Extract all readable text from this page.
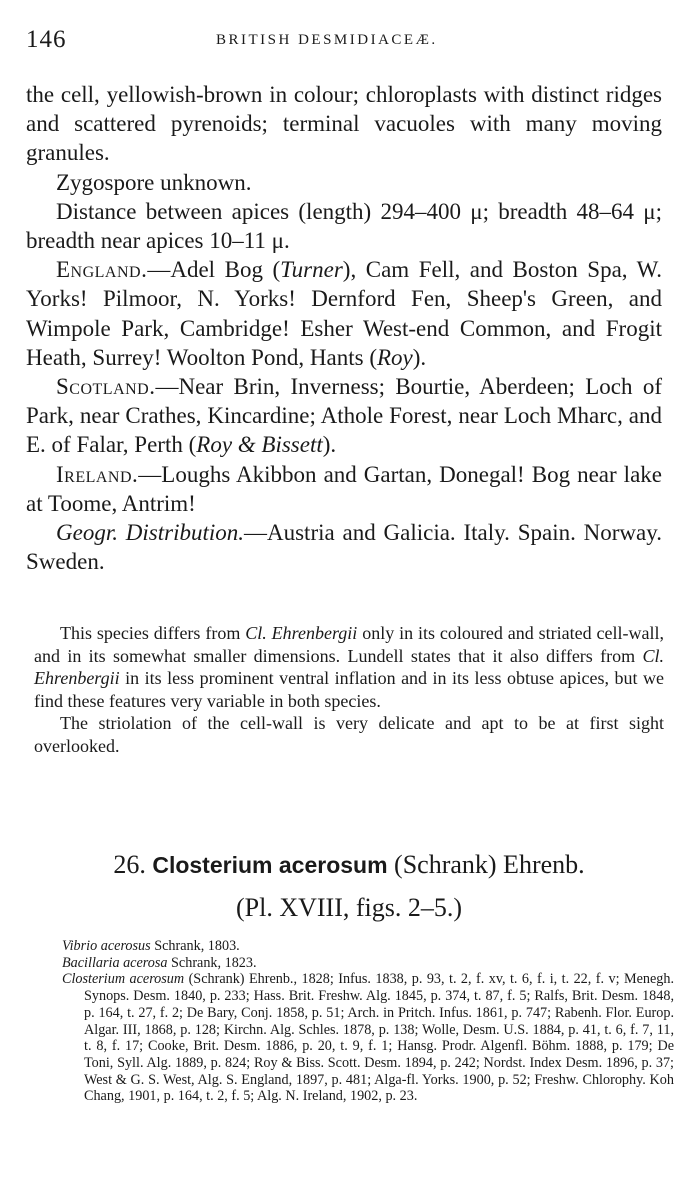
146	BRITISH DESMIDIACEÆ.

the cell, yellowish-brown in colour; chloroplasts with distinct ridges and scattered pyrenoids; terminal vacuoles with many moving granules.

Zygospore unknown.

Distance between apices (length) 294–400 μ; breadth 48–64 μ; breadth near apices 10–11 μ.

England.—Adel Bog (Turner), Cam Fell, and Boston Spa, W. Yorks! Pilmoor, N. Yorks! Dernford Fen, Sheep's Green, and Wimpole Park, Cambridge! Esher West-end Common, and Frogit Heath, Surrey! Woolton Pond, Hants (Roy).

Scotland.—Near Brin, Inverness; Bourtie, Aberdeen; Loch of Park, near Crathes, Kincardine; Athole Forest, near Loch Mharc, and E. of Falar, Perth (Roy & Bissett).

Ireland.—Loughs Akibbon and Gartan, Donegal! Bog near lake at Toome, Antrim!

Geogr. Distribution.—Austria and Galicia. Italy. Spain. Norway. Sweden.

This species differs from Cl. Ehrenbergii only in its coloured and striated cell-wall, and in its somewhat smaller dimensions. Lundell states that it also differs from Cl. Ehrenbergii in its less prominent ventral inflation and in its less obtuse apices, but we find these features very variable in both species.

The striolation of the cell-wall is very delicate and apt to be at first sight overlooked.

26. Closterium acerosum (Schrank) Ehrenb.
(Pl. XVIII, figs. 2–5.)

Vibrio acerosus Schrank, 1803.

Bacillaria acerosa Schrank, 1823.

Closterium acerosum (Schrank) Ehrenb., 1828; Infus. 1838, p. 93, t. 2, f. xv, t. 6, f. i, t. 22, f. v; Menegh. Synops. Desm. 1840, p. 233; Hass. Brit. Freshw. Alg. 1845, p. 374, t. 87, f. 5; Ralfs, Brit. Desm. 1848, p. 164, t. 27, f. 2; De Bary, Conj. 1858, p. 51; Arch. in Pritch. Infus. 1861, p. 747; Rabenh. Flor. Europ. Algar. III, 1868, p. 128; Kirchn. Alg. Schles. 1878, p. 138; Wolle, Desm. U.S. 1884, p. 41, t. 6, f. 7, 11, t. 8, f. 17; Cooke, Brit. Desm. 1886, p. 20, t. 9, f. 1; Hansg. Prodr. Algenfl. Böhm. 1888, p. 179; De Toni, Syll. Alg. 1889, p. 824; Roy & Biss. Scott. Desm. 1894, p. 242; Nordst. Index Desm. 1896, p. 37; West & G. S. West, Alg. S. England, 1897, p. 481; Alga-fl. Yorks. 1900, p. 52; Freshw. Chlorophy. Koh Chang, 1901, p. 164, t. 2, f. 5; Alg. N. Ireland, 1902, p. 23.
